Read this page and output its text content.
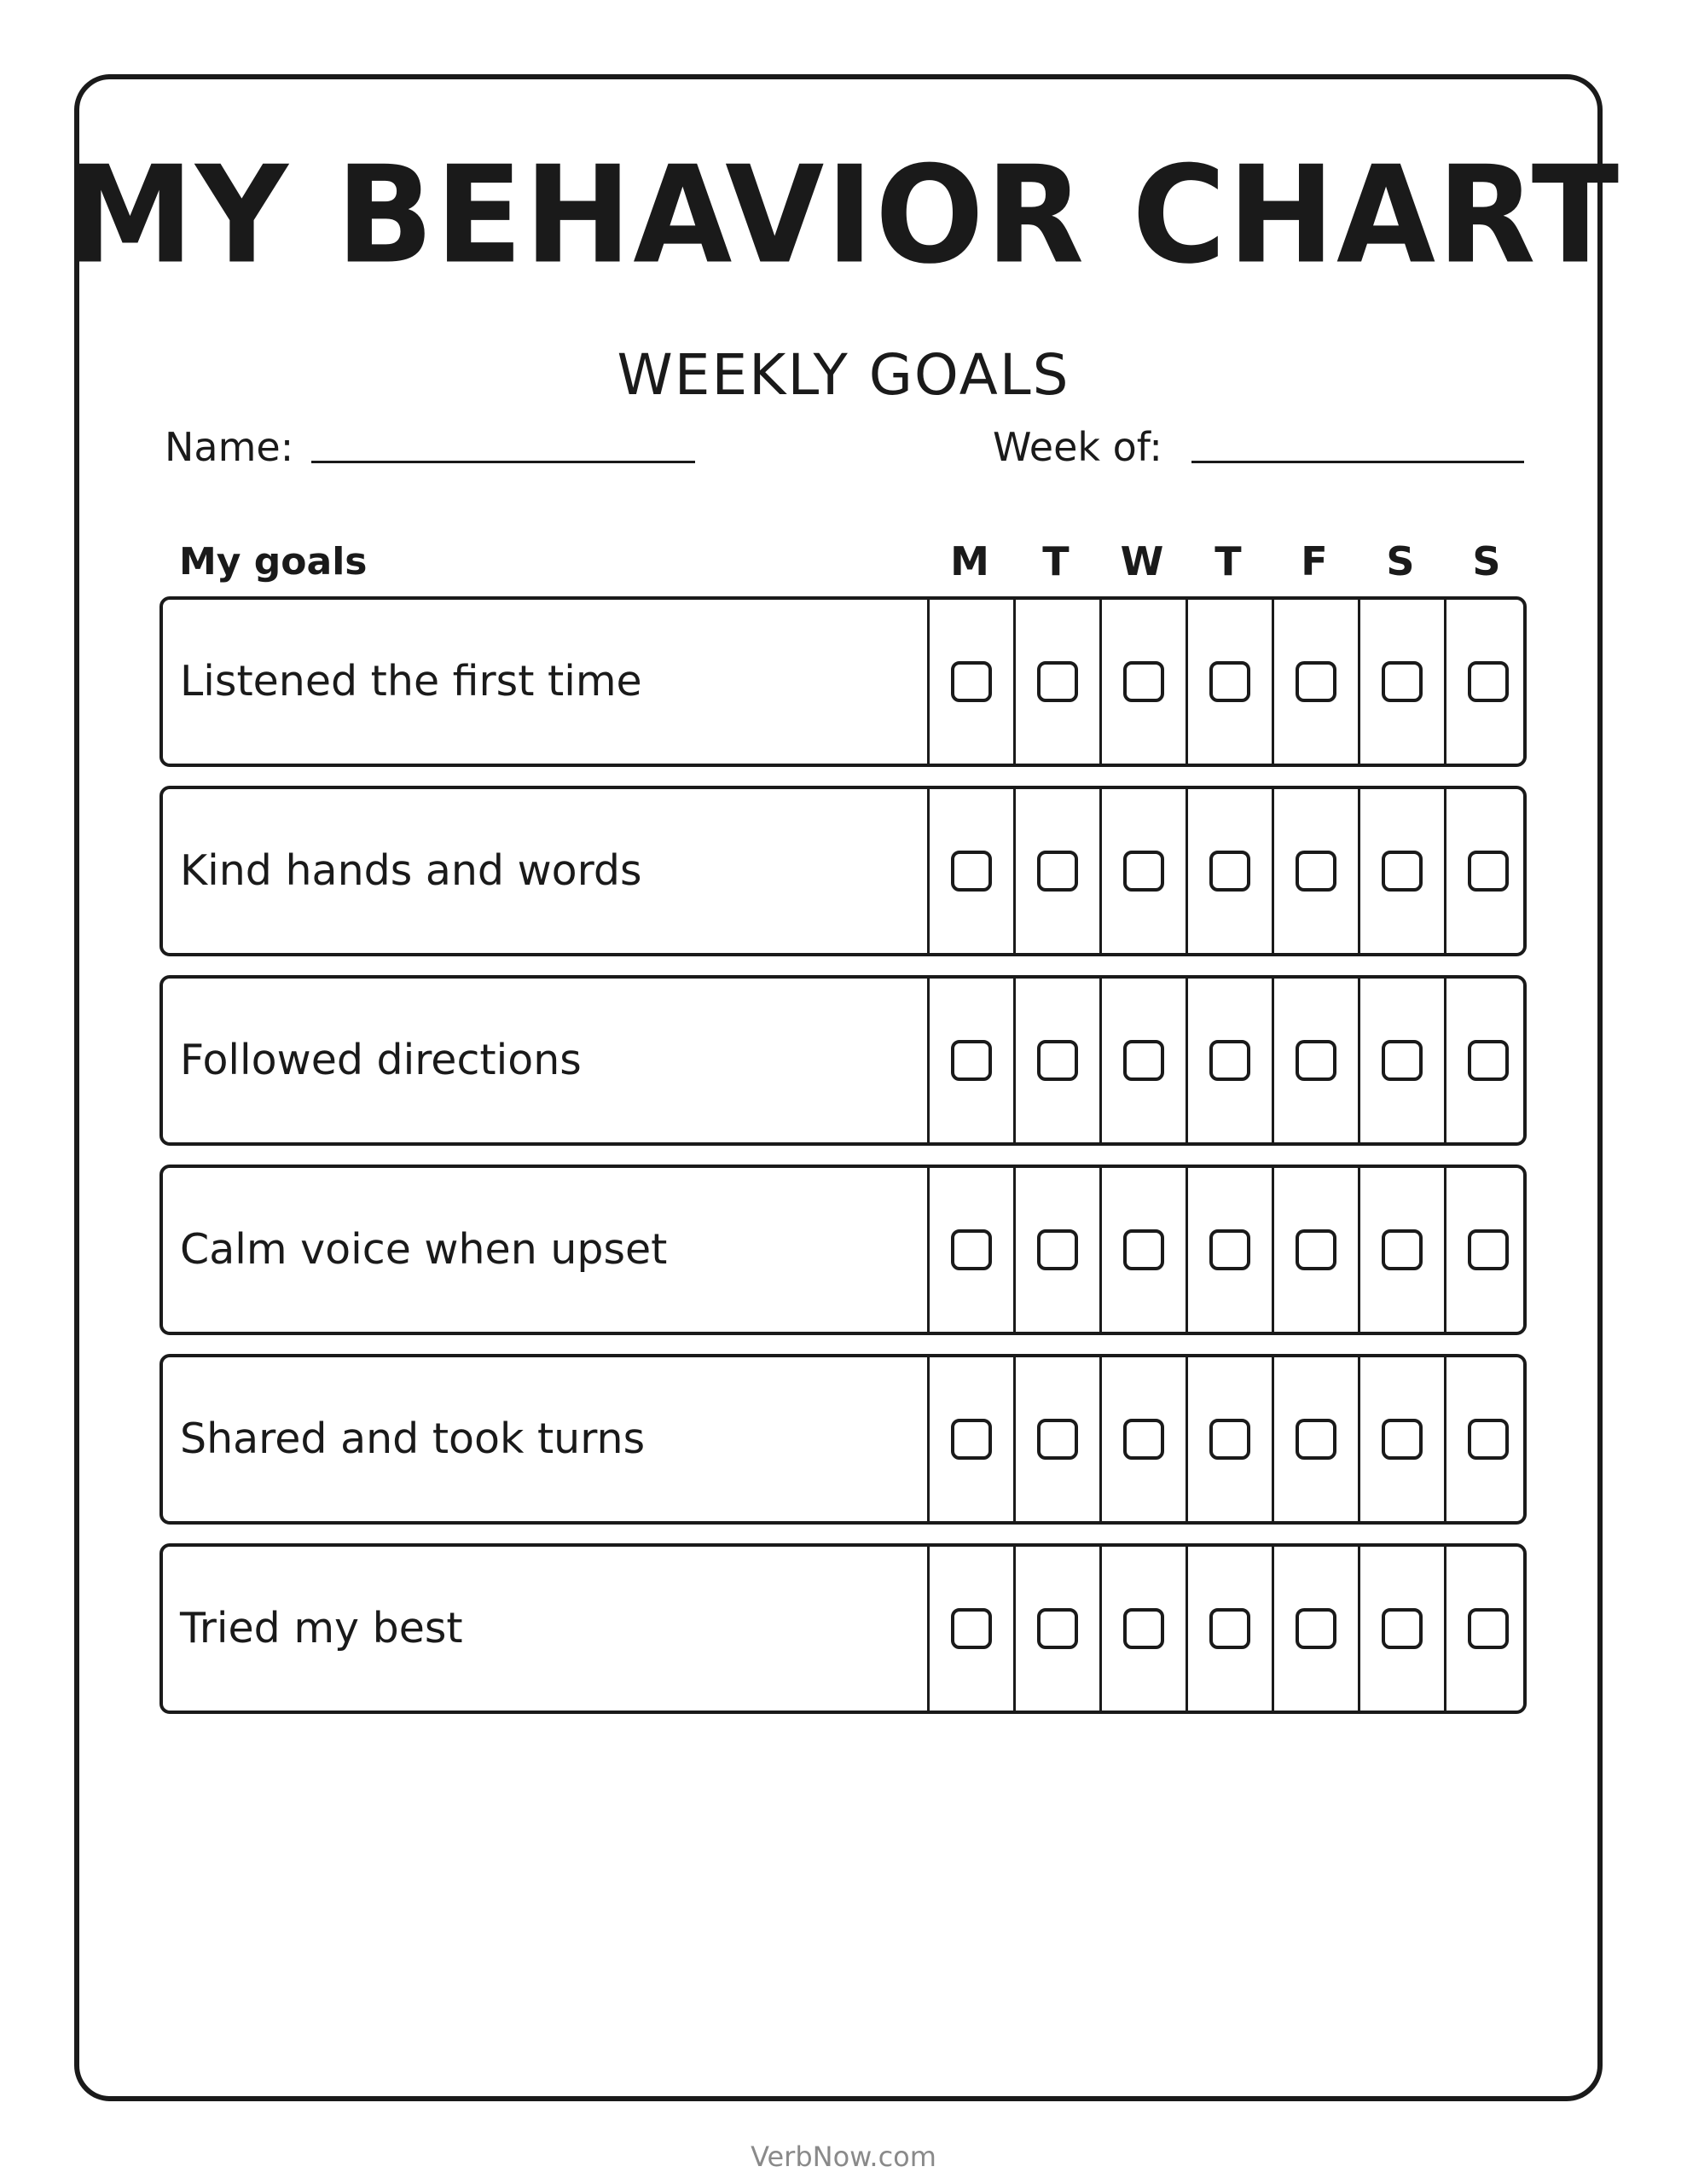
MY BEHAVIOR CHART
WEEKLY GOALS
Name:	Week of:
My goals	M	T	W	T	F	S	S
Listened the first time
Kind hands and words
Followed directions
Calm voice when upset
Shared and took turns
Tried my best
VerbNow.com
